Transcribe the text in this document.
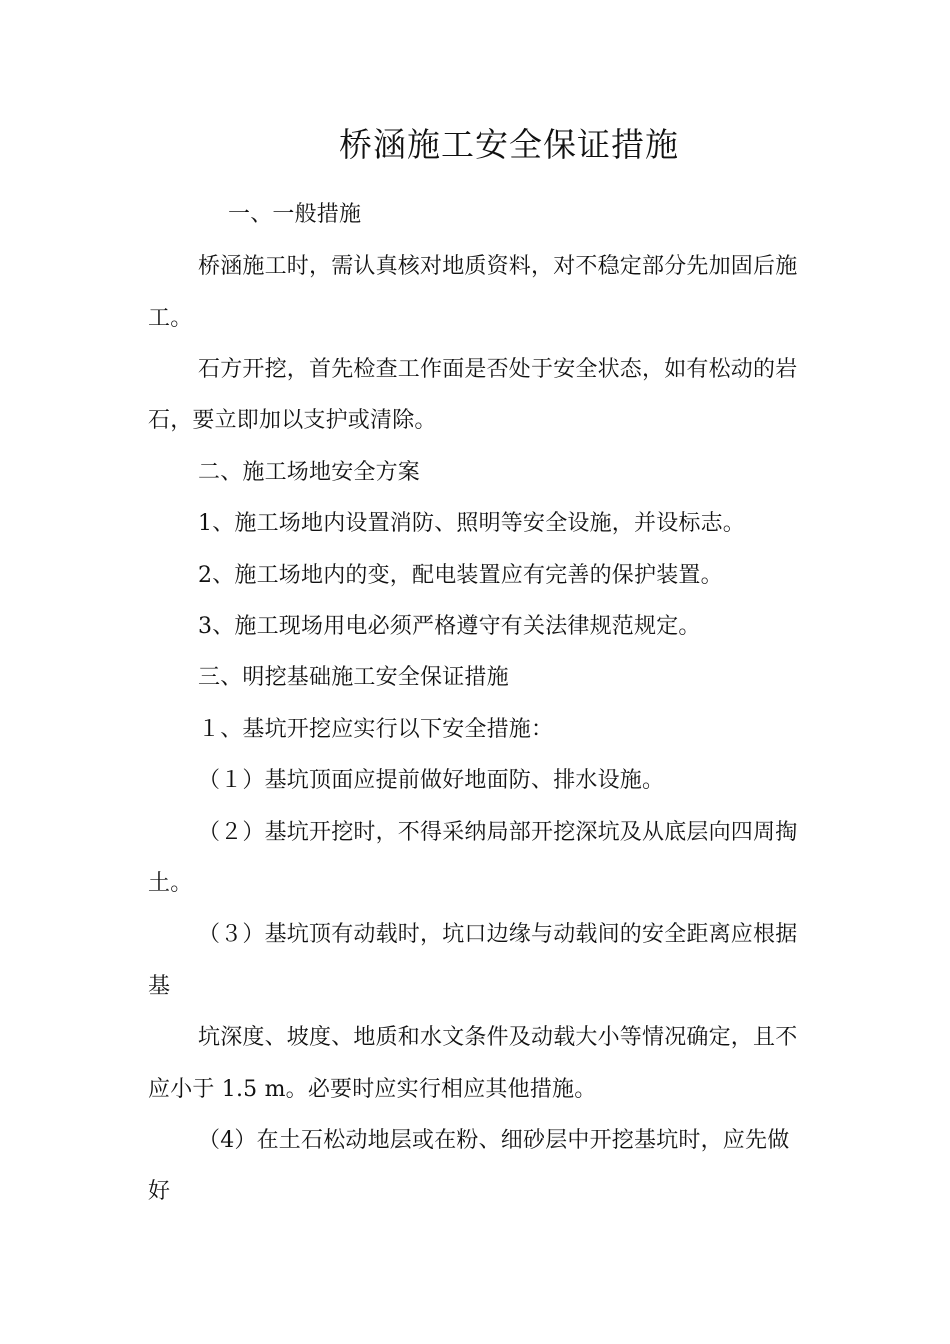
桥涵施工安全保证措施
一、一般措施
桥涵施工时，需认真核对地质资料，对不稳定部分先加固后施
工。
石方开挖，首先检查工作面是否处于安全状态，如有松动的岩
石，要立即加以支护或清除。
二、施工场地安全方案
1、施工场地内设置消防、照明等安全设施，并设标志。
2、施工场地内的变，配电装置应有完善的保护装置。
3、施工现场用电必须严格遵守有关法律规范规定。
三、明挖基础施工安全保证措施
１、基坑开挖应实行以下安全措施：
（１）基坑顶面应提前做好地面防、排水设施。
（２）基坑开挖时，不得采纳局部开挖深坑及从底层向四周掏
土。
（３）基坑顶有动载时，坑口边缘与动载间的安全距离应根据
基
坑深度、坡度、地质和水文条件及动载大小等情况确定，且不
应小于 1.5 m。必要时应实行相应其他措施。
（4）在土石松动地层或在粉、细砂层中开挖基坑时，应先做
好
